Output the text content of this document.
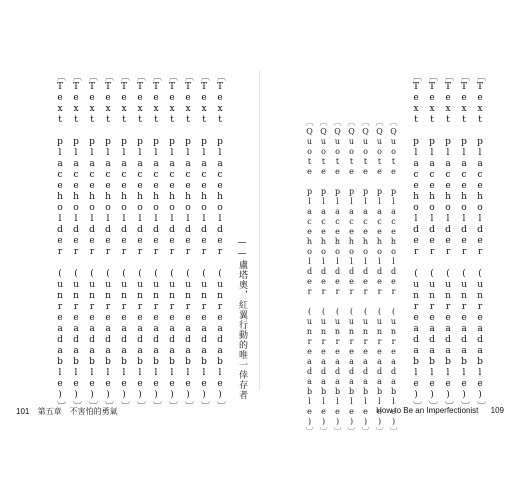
〔Text placeholder (unreadable)〕
〔Text placeholder (unreadable)〕
〔Text placeholder (unreadable)〕
〔Text placeholder (unreadable)〕
〔Text placeholder (unreadable)〕
〔Text placeholder (unreadable)〕
〔Text placeholder (unreadable)〕
〔Text placeholder (unreadable)〕
〔Text placeholder (unreadable)〕
〔Text placeholder (unreadable)〕
〔Text placeholder (unreadable)〕	——盧塔奧，紅翼行動的唯一倖存者
101 第五章　不害怕的勇氣
〔Text placeholder (unreadable)〕
〔Text placeholder (unreadable)〕
〔Text placeholder (unreadable)〕
〔Text placeholder (unreadable)〕
〔Text placeholder (unreadable)〕
〔Quote placeholder (unreadable)〕
〔Quote placeholder (unreadable)〕
〔Quote placeholder (unreadable)〕
〔Quote placeholder (unreadable)〕
〔Quote placeholder (unreadable)〕
〔Quote placeholder (unreadable)〕
〔Quote placeholder (unreadable)〕	How to Be an Imperfectionist 109
